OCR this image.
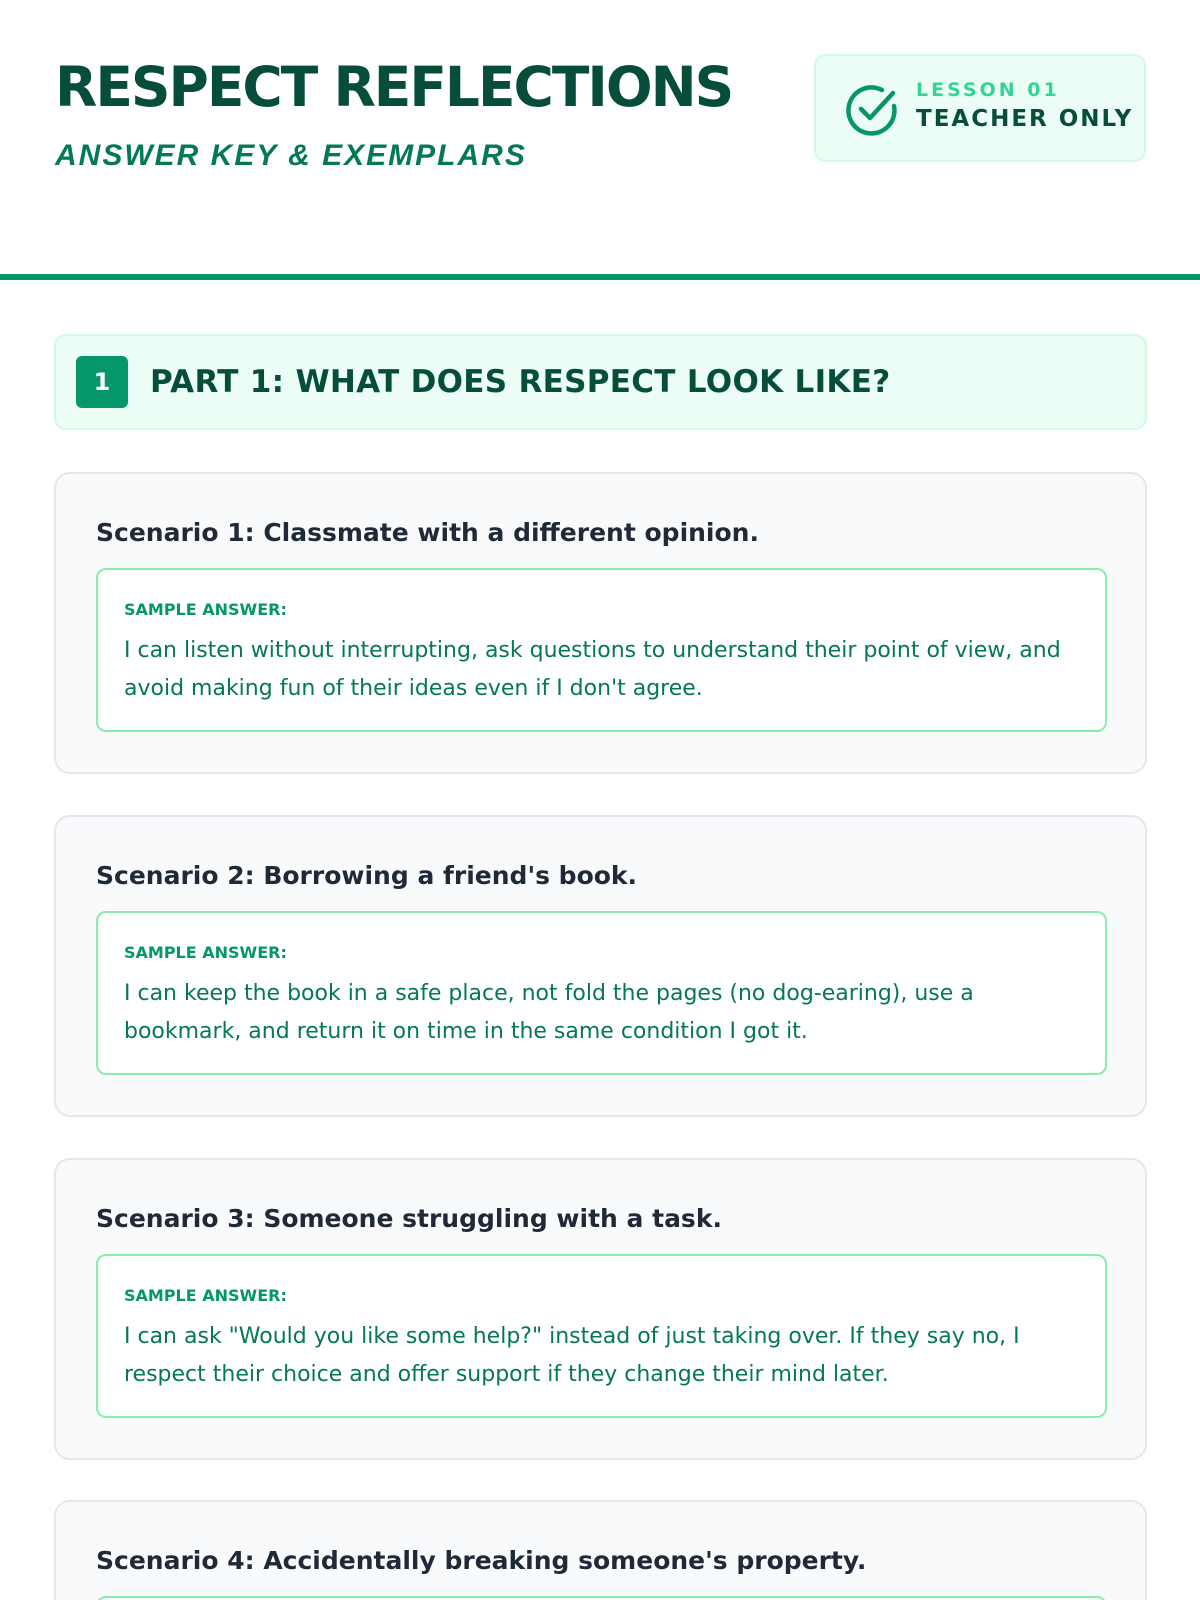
RESPECT REFLECTIONS
ANSWER KEY & EXEMPLARS
LESSON 01
TEACHER ONLY
1	PART 1: WHAT DOES RESPECT LOOK LIKE?
Scenario 1: Classmate with a different opinion.
SAMPLE ANSWER:

I can listen without interrupting, ask questions to understand their point of view, and avoid making fun of their ideas even if I don't agree.

Scenario 2: Borrowing a friend's book.
SAMPLE ANSWER:

I can keep the book in a safe place, not fold the pages (no dog-earing), use a bookmark, and return it on time in the same condition I got it.

Scenario 3: Someone struggling with a task.
SAMPLE ANSWER:

I can ask "Would you like some help?" instead of just taking over. If they say no, I respect their choice and offer support if they change their mind later.

Scenario 4: Accidentally breaking someone's property.
